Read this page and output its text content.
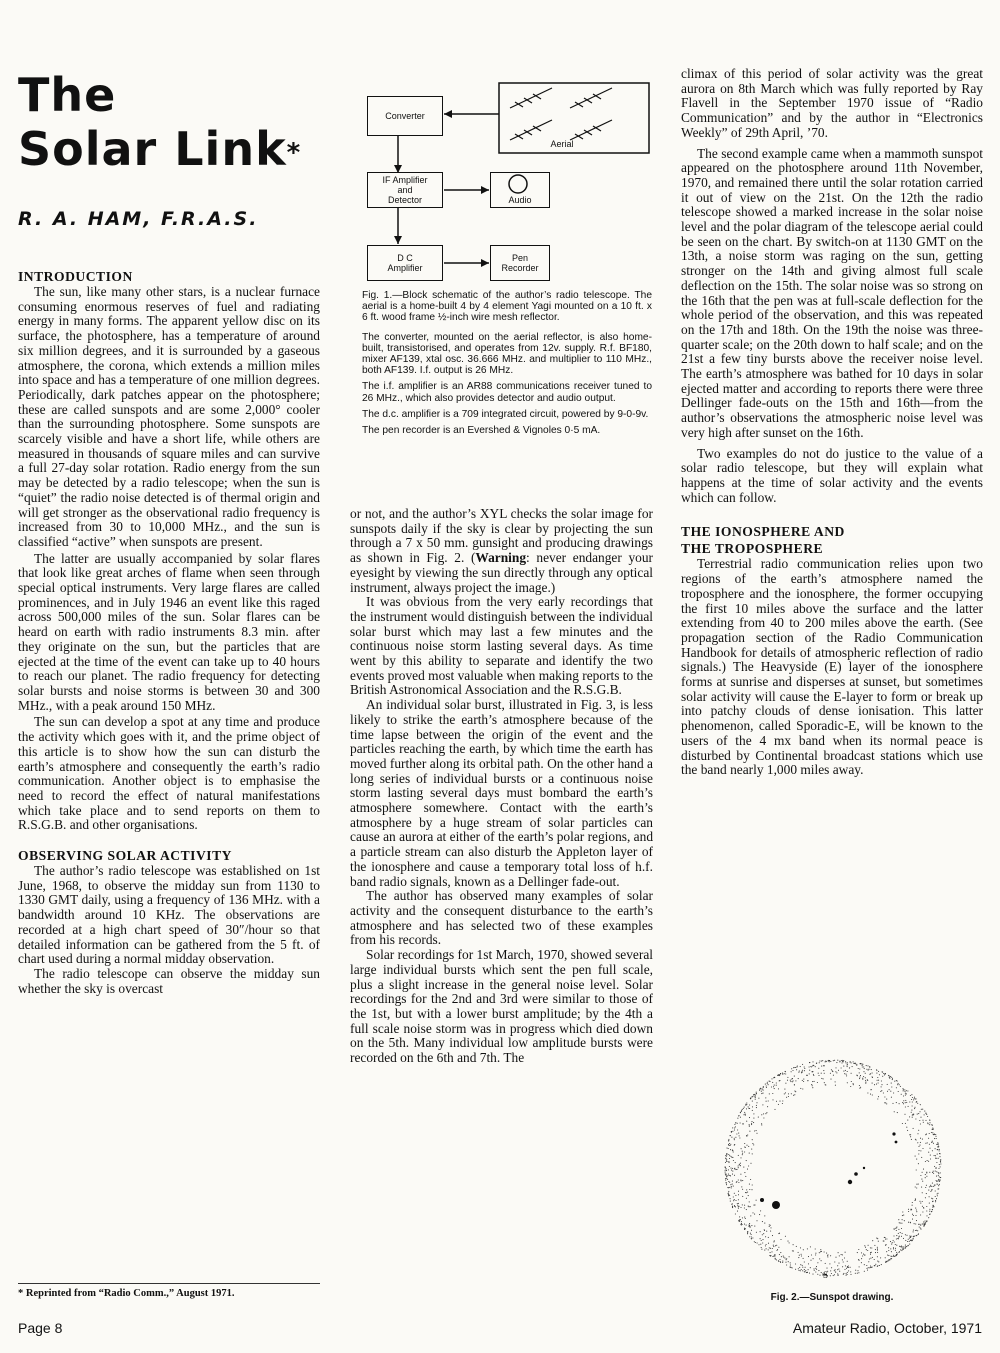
The
Solar Link*
R. A. HAM, F.R.A.S.
INTRODUCTION

The sun, like many other stars, is a nuclear furnace consuming enormous reserves of fuel and radiating energy in many forms. The apparent yellow disc on its surface, the photosphere, has a temperature of around six million degrees, and it is surrounded by a gaseous atmosphere, the corona, which extends a million miles into space and has a temperature of one million degrees. Periodically, dark patches appear on the photosphere; these are called sunspots and are some 2,000° cooler than the surrounding photosphere. Some sunspots are scarcely visible and have a short life, while others are measured in thousands of square miles and can survive a full 27-day solar rotation. Radio energy from the sun may be detected by a radio telescope; when the sun is “quiet” the radio noise detected is of thermal origin and will get stronger as the observational radio frequency is increased from 30 to 10,000 MHz., and the sun is classified “active” when sunspots are present.

The latter are usually accompanied by solar flares that look like great arches of flame when seen through special optical instruments. Very large flares are called prominences, and in July 1946 an event like this raged across 500,000 miles of the sun. Solar flares can be heard on earth with radio instruments 8.3 min. after they originate on the sun, but the particles that are ejected at the time of the event can take up to 40 hours to reach our planet. The radio frequency for detecting solar bursts and noise storms is between 30 and 300 MHz., with a peak around 150 MHz.

The sun can develop a spot at any time and produce the activity which goes with it, and the prime object of this article is to show how the sun can disturb the earth’s atmosphere and consequently the earth’s radio communication. Another object is to emphasise the need to record the effect of natural manifestations which take place and to send reports on them to R.S.G.B. and other organisations.

OBSERVING SOLAR ACTIVITY

The author’s radio telescope was established on 1st June, 1968, to observe the midday sun from 1130 to 1330 GMT daily, using a frequency of 136 MHz. with a bandwidth around 10 KHz. The observations are recorded at a high chart speed of 30″/hour so that detailed information can be gathered from the 5 ft. of chart used during a normal midday observation.

The radio telescope can observe the midday sun whether the sky is overcast

* Reprinted from “Radio Comm.,” August 1971.
Converter
Aerial
IF Amplifier
and
Detector	Audio
D C
Amplifier
Pen
Recorder

Fig. 1.—Block schematic of the author’s radio telescope. The aerial is a home-built 4 by 4 element Yagi mounted on a 10 ft. x 6 ft. wood frame ½-inch wire mesh reflector.

The converter, mounted on the aerial reflector, is also home-built, transistorised, and operates from 12v. supply. R.f. BF180, mixer AF139, xtal osc. 36.666 MHz. and multiplier to 110 MHz., both AF139. I.f. output is 26 MHz.

The i.f. amplifier is an AR88 communications receiver tuned to 26 MHz., which also provides detector and audio output.

The d.c. amplifier is a 709 integrated circuit, powered by 9-0-9v.

The pen recorder is an Evershed & Vignoles 0·5 mA.

or not, and the author’s XYL checks the solar image for sunspots daily if the sky is clear by projecting the sun through a 7 x 50 mm. gunsight and producing drawings as shown in Fig. 2. (Warning: never endanger your eyesight by viewing the sun directly through any optical instrument, always project the image.)

It was obvious from the very early recordings that the instrument would distinguish between the individual solar burst which may last a few minutes and the continuous noise storm lasting several days. As time went by this ability to separate and identify the two events proved most valuable when making reports to the British Astronomical Association and the R.S.G.B.

An individual solar burst, illustrated in Fig. 3, is less likely to strike the earth’s atmosphere because of the time lapse between the origin of the event and the particles reaching the earth, by which time the earth has moved further along its orbital path. On the other hand a long series of individual bursts or a continuous noise storm lasting several days must bombard the earth’s atmosphere somewhere. Contact with the earth’s atmosphere by a huge stream of solar particles can cause an aurora at either of the earth’s polar regions, and a particle stream can also disturb the Appleton layer of the ionosphere and cause a temporary total loss of h.f. band radio signals, known as a Dellinger fade-out.

The author has observed many examples of solar activity and the consequent disturbance to the earth’s atmosphere and has selected two of these examples from his records.

Solar recordings for 1st March, 1970, showed several large individual bursts which sent the pen full scale, plus a slight increase in the general noise level. Solar recordings for the 2nd and 3rd were similar to those of the 1st, but with a lower burst amplitude; by the 4th a full scale noise storm was in progress which died down on the 5th. Many individual low amplitude bursts were recorded on the 6th and 7th. The

climax of this period of solar activity was the great aurora on 8th March which was fully reported by Ray Flavell in the September 1970 issue of “Radio Communication” and by the author in “Electronics Weekly” of 29th April, ’70.

The second example came when a mammoth sunspot appeared on the photosphere around 11th November, 1970, and remained there until the solar rotation carried it out of view on the 21st. On the 12th the radio telescope showed a marked increase in the solar noise level and the polar diagram of the telescope aerial could be seen on the chart. By switch-on at 1130 GMT on the 13th, a noise storm was raging on the sun, getting stronger on the 14th and giving almost full scale deflection on the 15th. The solar noise was so strong on the 16th that the pen was at full-scale deflection for the whole period of the observation, and this was repeated on the 17th and 18th. On the 19th the noise was three-quarter scale; on the 20th down to half scale; and on the 21st a few tiny bursts above the receiver noise level. The earth’s atmosphere was bathed for 10 days in solar ejected matter and according to reports there were three Dellinger fade-outs on the 15th and 16th—from the author’s observations the atmospheric noise level was very high after sunset on the 16th.

Two examples do not do justice to the value of a solar radio telescope, but they will explain what happens at the time of solar activity and the events which can follow.

THE IONOSPHERE AND
THE TROPOSPHERE

Terrestrial radio communication relies upon two regions of the earth’s atmosphere named the troposphere and the ionosphere, the former occupying the first 10 miles above the surface and the latter extending from 40 to 200 miles above the earth. (See propagation section of the Radio Communication Handbook for details of atmospheric reflection of radio signals.) The Heavyside (E) layer of the ionosphere forms at sunrise and disperses at sunset, but sometimes solar activity will cause the E-layer to form or break up into patchy clouds of dense ionisation. This latter phenomenon, called Sporadic-E, will be known to the users of the 4 mx band when its normal peace is disturbed by Continental broadcast stations which use the band nearly 1,000 miles away.

S
Fig. 2.—Sunspot drawing.
Page 8	Amateur Radio, October, 1971
